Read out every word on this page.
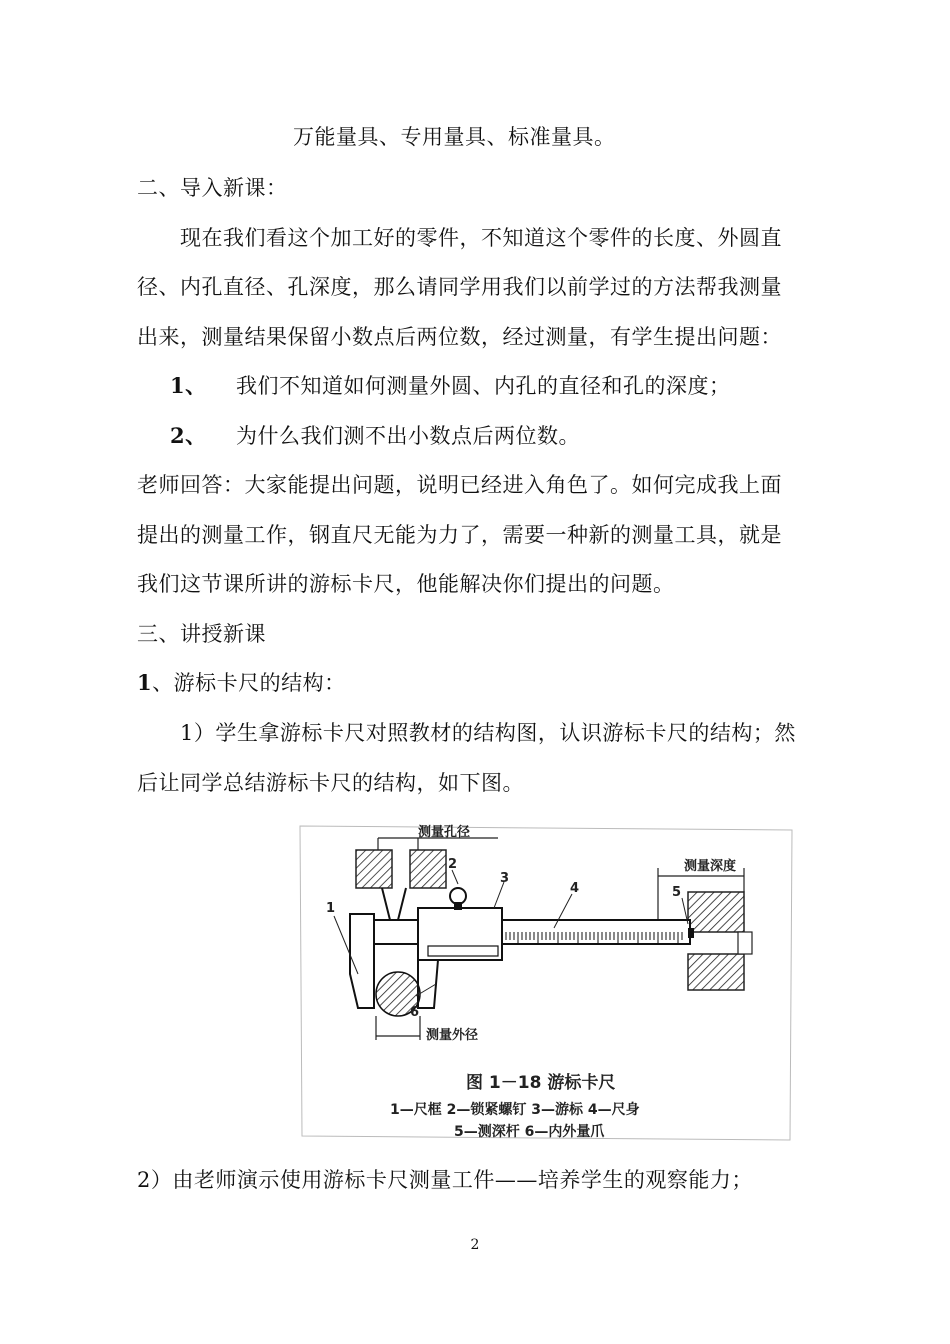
万能量具、专用量具、标准量具。
二、导入新课：
现在我们看这个加工好的零件，不知道这个零件的长度、外圆直
径、内孔直径、孔深度，那么请同学用我们以前学过的方法帮我测量
出来，测量结果保留小数点后两位数，经过测量，有学生提出问题：
1、 我们不知道如何测量外圆、内孔的直径和孔的深度；
2、 为什么我们测不出小数点后两位数。
老师回答：大家能提出问题，说明已经进入角色了。如何完成我上面
提出的测量工作，钢直尺无能为力了，需要一种新的测量工具，就是
我们这节课所讲的游标卡尺，他能解决你们提出的问题。
三、讲授新课
1、游标卡尺的结构：
1）学生拿游标卡尺对照教材的结构图，认识游标卡尺的结构；然
后让同学总结游标卡尺的结构，如下图。
测量孔径
测量深度
测量外径
1
2
3
4	5
6
图 1－18 游标卡尺
1—尺框 2—锁紧螺钉 3—游标 4—尺身
5—测深杆 6—内外量爪
2）由老师演示使用游标卡尺测量工件——培养学生的观察能力；
2
